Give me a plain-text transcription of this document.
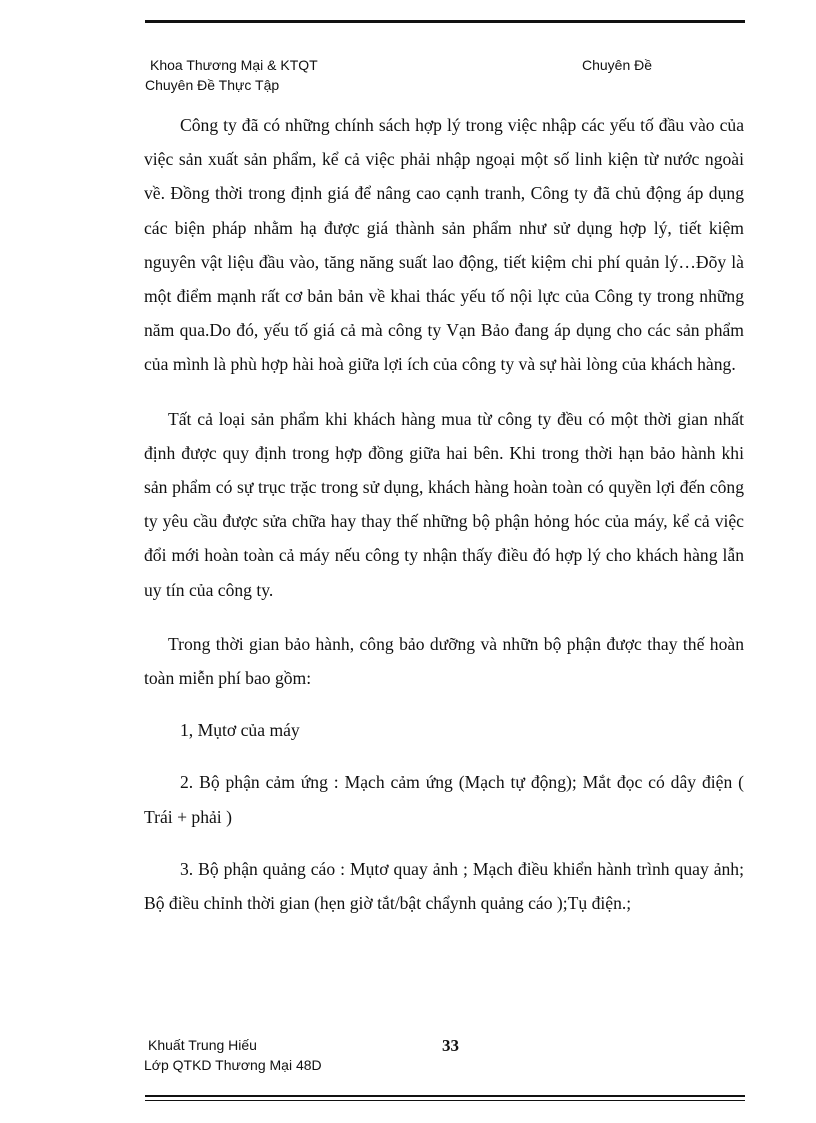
Khoa Thương Mại & KTQT
Chuyên Đề Thực Tập
Chuyên Đề

Công ty đã có những chính sách hợp lý trong việc nhập các yếu tố đầu vào của việc sản xuất sản phẩm, kể cả việc phải nhập ngoại một số linh kiện từ nước ngoài về. Đồng thời trong định giá để nâng cao cạnh tranh, Công ty đã chủ động áp dụng các biện pháp nhằm hạ được giá thành sản phẩm như sử dụng hợp lý, tiết kiệm nguyên vật liệu đầu vào, tăng năng suất lao động, tiết kiệm chi phí quản lý…Đõy là một điểm mạnh rất cơ bản bản về khai thác yếu tố nội lực của Công ty trong những năm qua.Do đó, yếu tố giá cả mà công ty Vạn Bảo đang áp dụng cho các sản phẩm của mình là phù hợp hài hoà giữa lợi ích của công ty và sự hài lòng của khách hàng.

Tất cả loại sản phẩm khi khách hàng mua từ công ty đều có một thời gian nhất định được quy định trong hợp đồng giữa hai bên. Khi trong thời hạn bảo hành khi sản phẩm có sự trục trặc trong sử dụng, khách hàng hoàn toàn có quyền lợi đến công ty yêu cầu được sửa chữa hay thay thế những bộ phận hỏng hóc của máy, kể cả việc đổi mới hoàn toàn cả máy nếu công ty nhận thấy điều đó hợp lý cho khách hàng lẫn uy tín của công ty.

Trong thời gian bảo hành, công bảo dưỡng và nhữn bộ phận được thay thế hoàn toàn miễn phí bao gồm:

1, Mụtơ của máy

2. Bộ phận cảm ứng : Mạch cảm ứng (Mạch tự động); Mắt đọc có dây điện ( Trái + phải )

3. Bộ phận quảng cáo : Mụtơ quay ảnh ; Mạch điều khiển hành trình quay ảnh; Bộ điều chỉnh thời gian (hẹn giờ tắt/bật chẩynh quảng cáo );Tụ điện.;

Khuất Trung Hiếu
Lớp QTKD Thương Mại 48D
33
